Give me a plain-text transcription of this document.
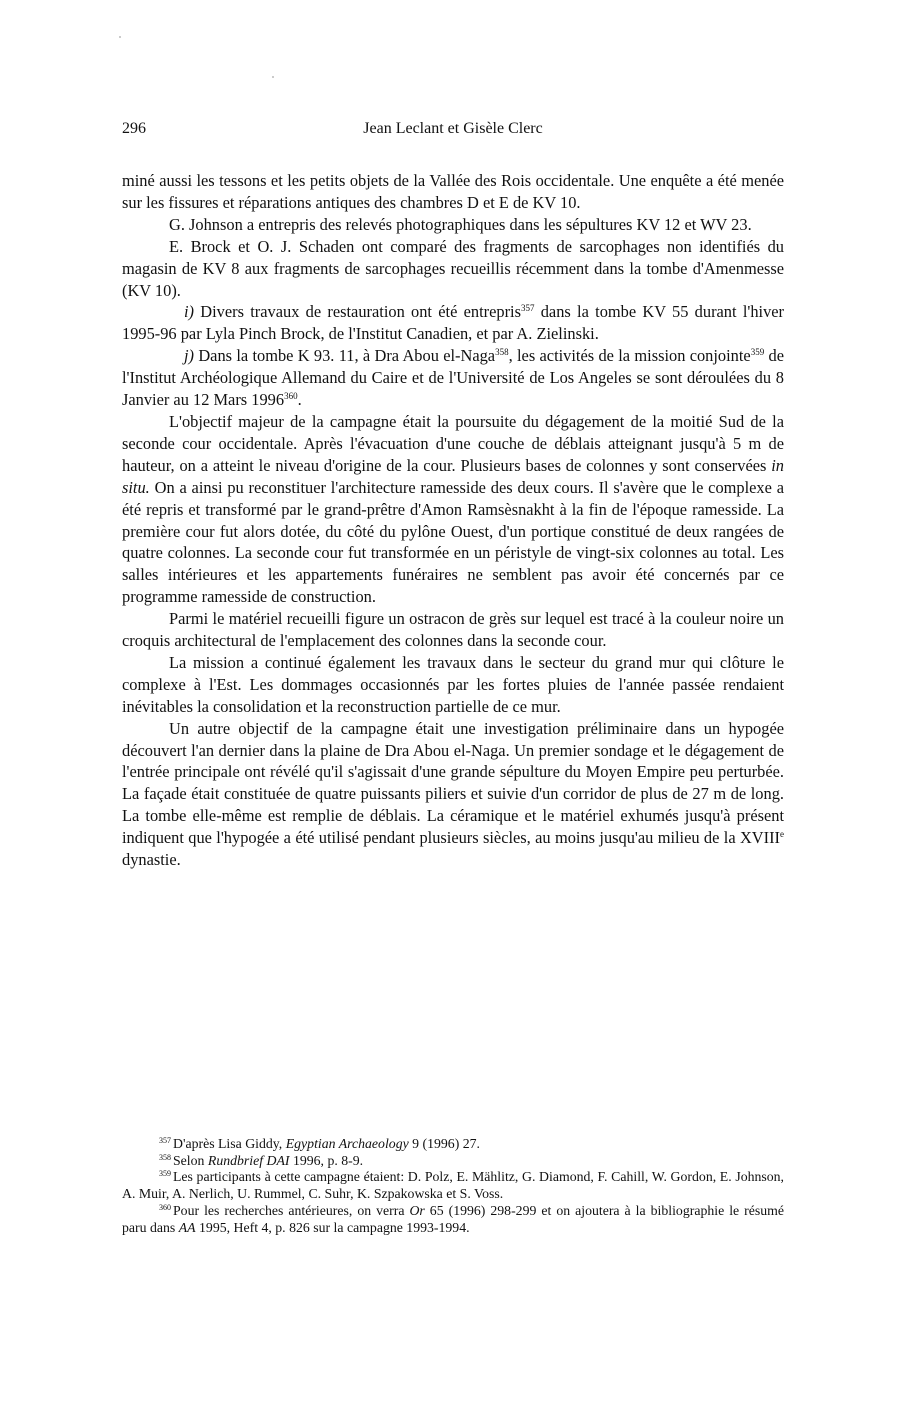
296	Jean Leclant et Gisèle Clerc

miné aussi les tessons et les petits objets de la Vallée des Rois occidentale. Une enquête a été menée sur les fissures et réparations antiques des chambres D et E de KV 10.

G. Johnson a entrepris des relevés photographiques dans les sépultures KV 12 et WV 23.

E. Brock et O. J. Schaden ont comparé des fragments de sarcophages non identifiés du magasin de KV 8 aux fragments de sarcophages recueillis récemment dans la tombe d'Amenmesse (KV 10).

i) Divers travaux de restauration ont été entrepris$^{357}$ dans la tombe KV 55 durant l'hiver 1995-96 par Lyla Pinch Brock, de l'Institut Canadien, et par A. Zielinski.

j) Dans la tombe K 93. 11, à Dra Abou el-Naga$^{358}$, les activités de la mission conjointe$^{359}$ de l'Institut Archéologique Allemand du Caire et de l'Université de Los Angeles se sont déroulées du 8 Janvier au 12 Mars 1996$^{360}$.

L'objectif majeur de la campagne était la poursuite du dégagement de la moitié Sud de la seconde cour occidentale. Après l'évacuation d'une couche de déblais atteignant jusqu'à 5 m de hauteur, on a atteint le niveau d'origine de la cour. Plusieurs bases de colonnes y sont conservées in situ. On a ainsi pu reconstituer l'architecture ramesside des deux cours. Il s'avère que le complexe a été repris et transformé par le grand-prêtre d'Amon Ramsèsnakht à la fin de l'époque ramesside. La première cour fut alors dotée, du côté du pylône Ouest, d'un portique constitué de deux rangées de quatre colonnes. La seconde cour fut transformée en un péristyle de vingt-six colonnes au total. Les salles intérieures et les appartements funéraires ne semblent pas avoir été concernés par ce programme ramesside de construction.

Parmi le matériel recueilli figure un ostracon de grès sur lequel est tracé à la couleur noire un croquis architectural de l'emplacement des colonnes dans la seconde cour.

La mission a continué également les travaux dans le secteur du grand mur qui clôture le complexe à l'Est. Les dommages occasionnés par les fortes pluies de l'année passée rendaient inévitables la consolidation et la reconstruction partielle de ce mur.

Un autre objectif de la campagne était une investigation préliminaire dans un hypogée découvert l'an dernier dans la plaine de Dra Abou el-Naga. Un premier sondage et le dégagement de l'entrée principale ont révélé qu'il s'agissait d'une grande sépulture du Moyen Empire peu perturbée. La façade était constituée de quatre puissants piliers et suivie d'un corridor de plus de 27 m de long. La tombe elle-même est remplie de déblais. La céramique et le matériel exhumés jusqu'à présent indiquent que l'hypogée a été utilisé pendant plusieurs siècles, au moins jusqu'au milieu de la XVIIIe dynastie.

$^{357}$ D'après Lisa Giddy, Egyptian Archaeology 9 (1996) 27.

$^{358}$ Selon Rundbrief DAI 1996, p. 8-9.

$^{359}$ Les participants à cette campagne étaient: D. Polz, E. Mählitz, G. Diamond, F. Cahill, W. Gordon, E. Johnson, A. Muir, A. Nerlich, U. Rummel, C. Suhr, K. Szpakowska et S. Voss.

$^{360}$ Pour les recherches antérieures, on verra Or 65 (1996) 298-299 et on ajoutera à la bibliographie le résumé paru dans AA 1995, Heft 4, p. 826 sur la campagne 1993-1994.
